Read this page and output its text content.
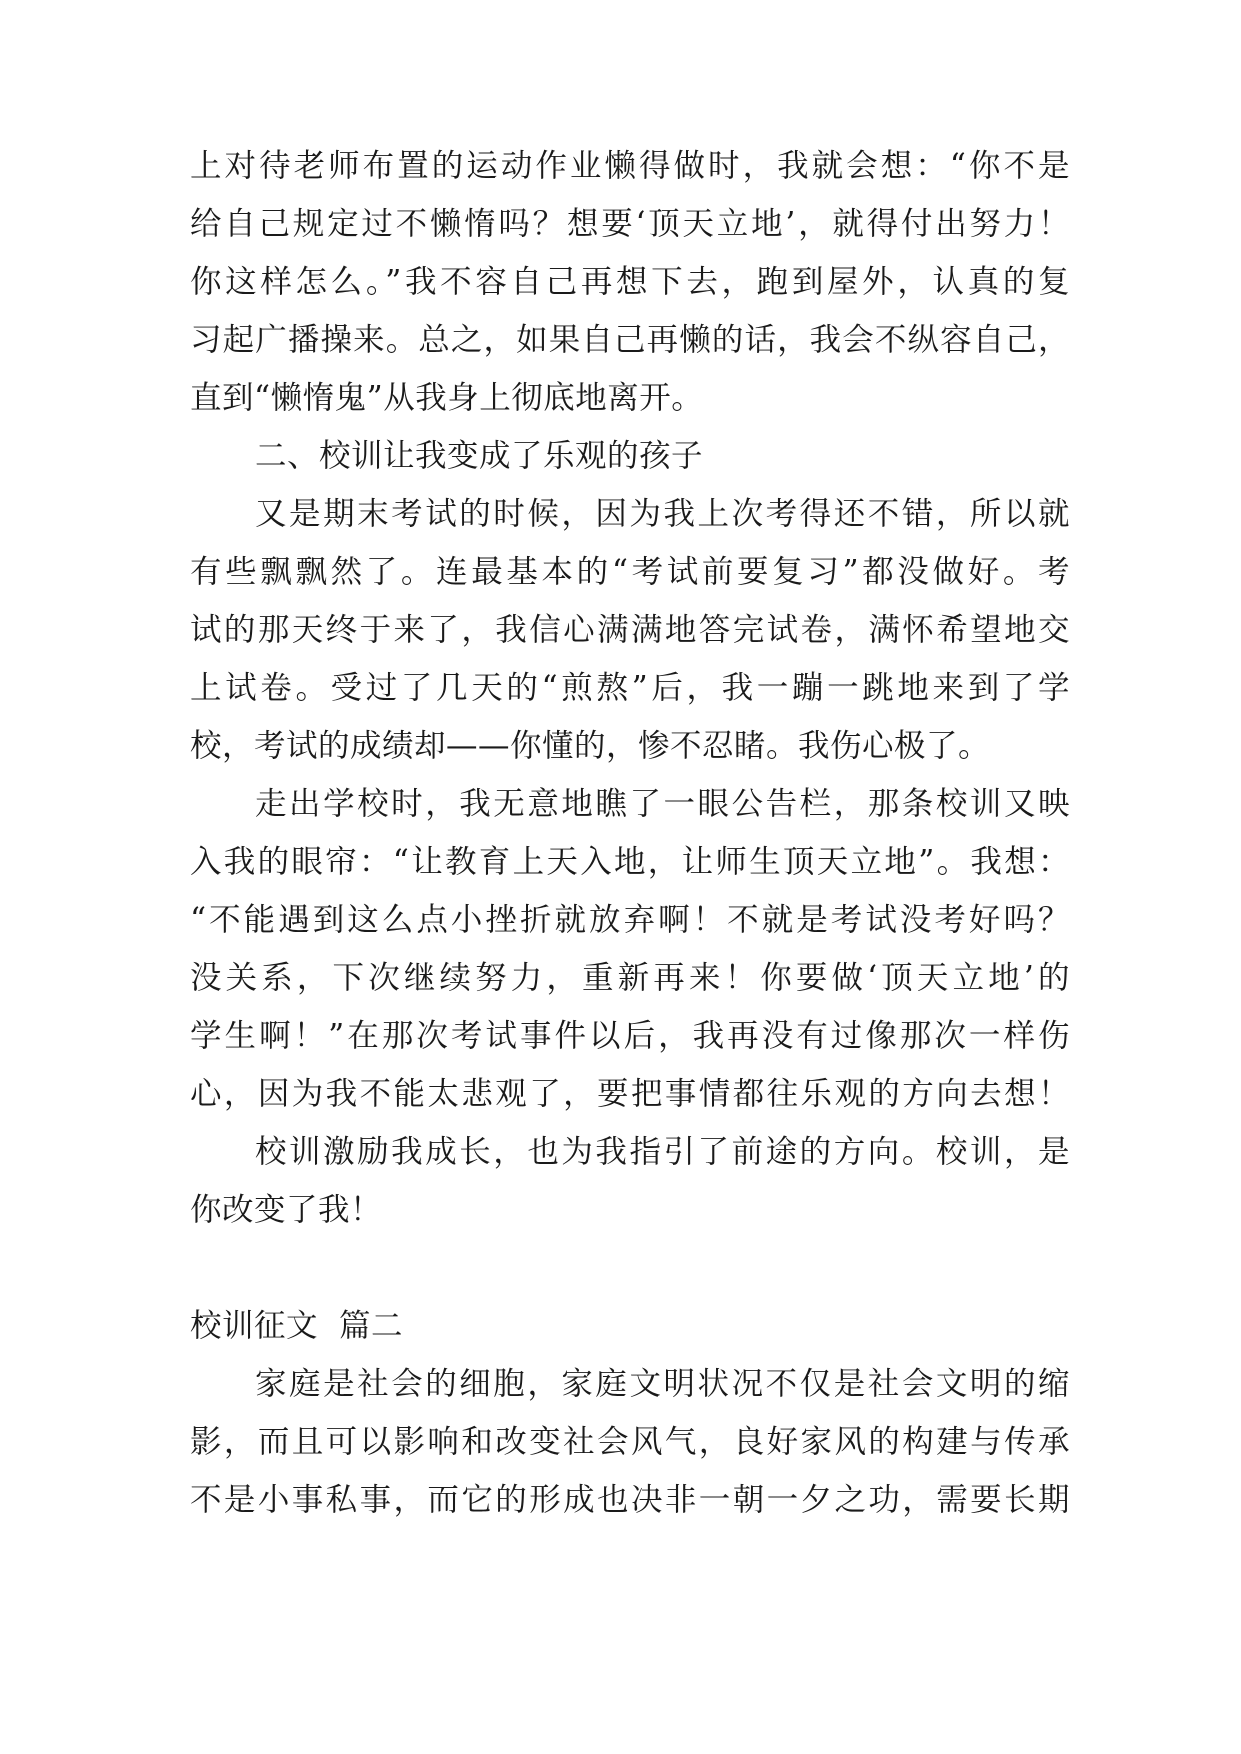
上对待老师布置的运动作业懒得做时，我就会想：“你不是
给自己规定过不懒惰吗？想要‘顶天立地’，就得付出努力！
你这样怎么。”我不容自己再想下去，跑到屋外，认真的复
习起广播操来。总之，如果自己再懒的话，我会不纵容自己，
直到“懒惰鬼”从我身上彻底地离开。
二、校训让我变成了乐观的孩子
又是期末考试的时候，因为我上次考得还不错，所以就
有些飘飘然了。连最基本的“考试前要复习”都没做好。考
试的那天终于来了，我信心满满地答完试卷，满怀希望地交
上试卷。受过了几天的“煎熬”后，我一蹦一跳地来到了学
校，考试的成绩却——你懂的，惨不忍睹。我伤心极了。
走出学校时，我无意地瞧了一眼公告栏，那条校训又映
入我的眼帘：“让教育上天入地，让师生顶天立地”。我想：
“不能遇到这么点小挫折就放弃啊！不就是考试没考好吗？
没关系，下次继续努力，重新再来！你要做‘顶天立地’的
学生啊！”在那次考试事件以后，我再没有过像那次一样伤
心，因为我不能太悲观了，要把事情都往乐观的方向去想！
校训激励我成长，也为我指引了前途的方向。校训，是
你改变了我！
校训征文  篇二
家庭是社会的细胞，家庭文明状况不仅是社会文明的缩
影，而且可以影响和改变社会风气，良好家风的构建与传承
不是小事私事，而它的形成也决非一朝一夕之功，需要长期
